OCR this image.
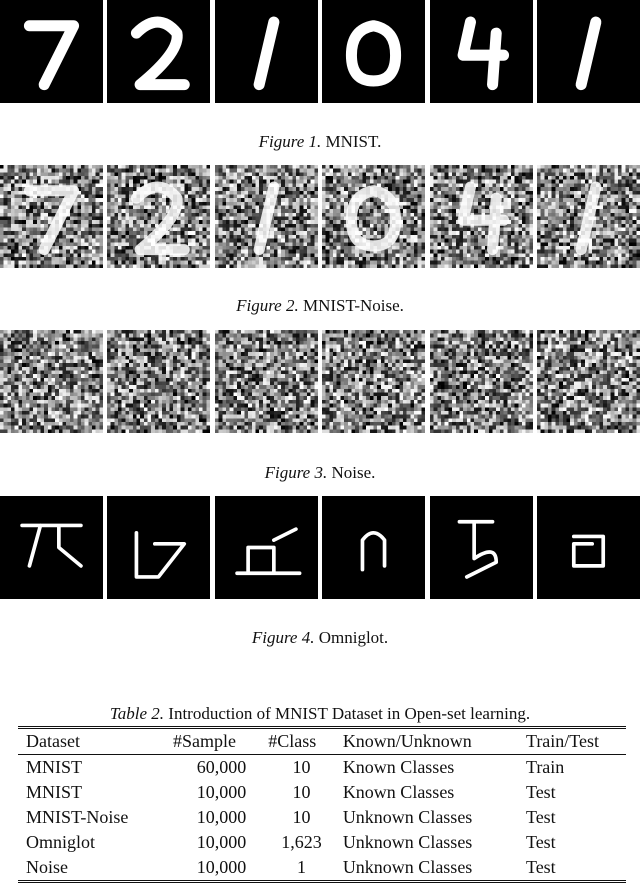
Figure 1. MNIST.
Figure 2. MNIST-Noise.
Figure 3. Noise.
Figure 4. Omniglot.
Table 2. Introduction of MNIST Dataset in Open-set learning.
Dataset	#Sample	#Class	Known/Unknown	Train/Test
MNIST	60,000	10	Known Classes	Train
MNIST	10,000	10	Known Classes	Test
MNIST-Noise	10,000	10	Unknown Classes	Test
Omniglot	10,000	1,623	Unknown Classes	Test
Noise	10,000	1	Unknown Classes	Test
